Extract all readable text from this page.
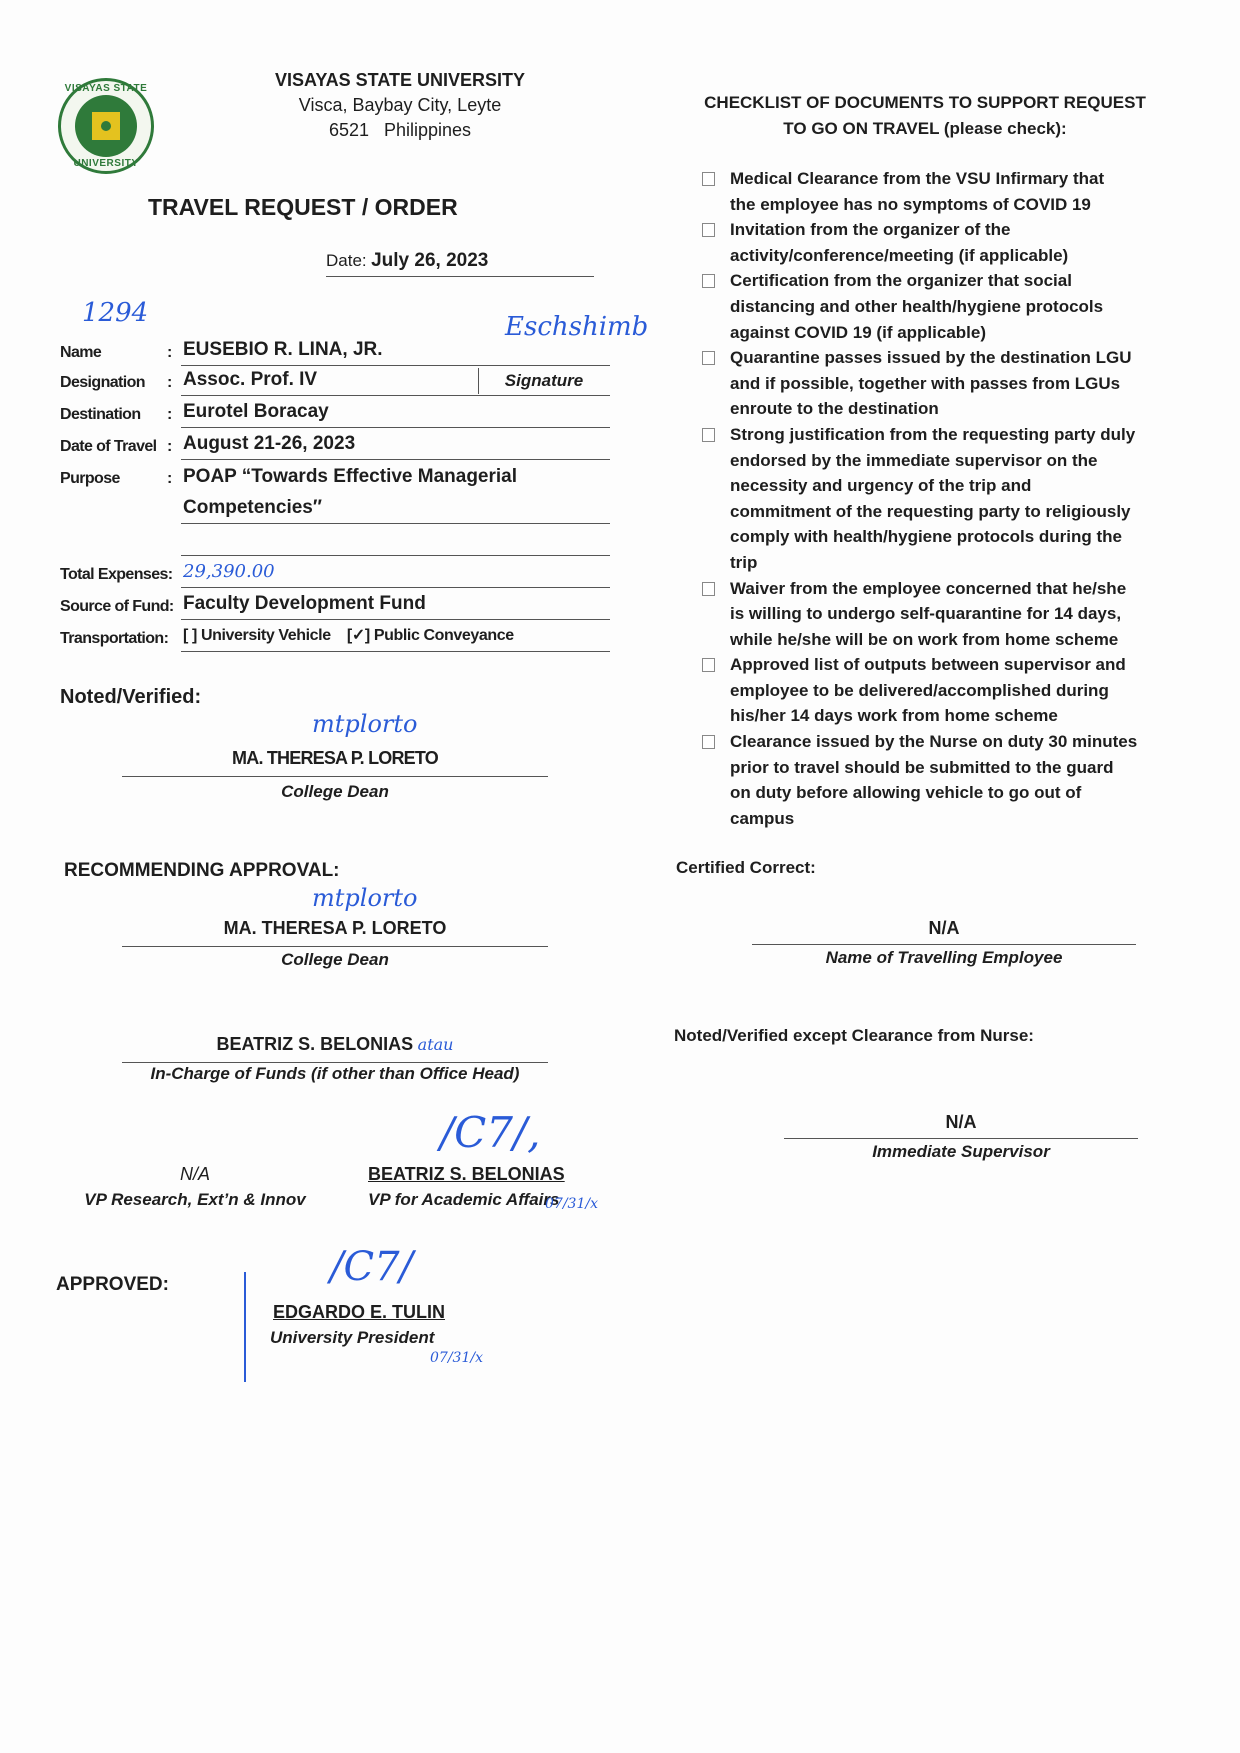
VISAYAS STATE
UNIVERSITY
VISAYAS STATE UNIVERSITY
Visca, Baybay City, Leyte
6521   Philippines
TRAVEL REQUEST / ORDER
Date: July 26, 2023
1294
Name	: EUSEBIO R. LINA, JR.
Eschshimb
Designation : Assoc. Prof. IV	Signature
Destination : Eurotel Boracay
Date of Travel : August 21-26, 2023
Purpose	: POAP “Towards Effective Managerial
Competencies″
Total Expenses: 29,390.00
Source of Fund: Faculty Development Fund
Transportation: [ ] University Vehicle [✓] Public Conveyance
Noted/Verified:
mtplorto
MA. THERESA P. LORETO
College Dean
RECOMMENDING APPROVAL:
mtplorto
MA. THERESA P. LORETO
College Dean
BEATRIZ S. BELONIAS atau
In-Charge of Funds (if other than Office Head)
N/A
VP Research, Ext’n & Innov
/C7/,
BEATRIZ S. BELONIAS
VP for Academic Affairs
07/31/x
APPROVED:	/C7/
EDGARDO E. TULIN
University President
07/31/x
CHECKLIST OF DOCUMENTS TO SUPPORT REQUEST
TO GO ON TRAVEL (please check):
Medical Clearance from the VSU Infirmary that
the employee has no symptoms of COVID 19
Invitation from the organizer of the
activity/conference/meeting (if applicable)
Certification from the organizer that social
distancing and other health/hygiene protocols
against COVID 19 (if applicable)
Quarantine passes issued by the destination LGU
and if possible, together with passes from LGUs
enroute to the destination
Strong justification from the requesting party duly
endorsed by the immediate supervisor on the
necessity and urgency of the trip and
commitment of the requesting party to religiously
comply with health/hygiene protocols during the
trip
Waiver from the employee concerned that he/she
is willing to undergo self-quarantine for 14 days,
while he/she will be on work from home scheme
Approved list of outputs between supervisor and
employee to be delivered/accomplished during
his/her 14 days work from home scheme
Clearance issued by the Nurse on duty 30 minutes
prior to travel should be submitted to the guard
on duty before allowing vehicle to go out of
campus
Certified Correct:
N/A
Name of Travelling Employee
Noted/Verified except Clearance from Nurse:
N/A
Immediate Supervisor
